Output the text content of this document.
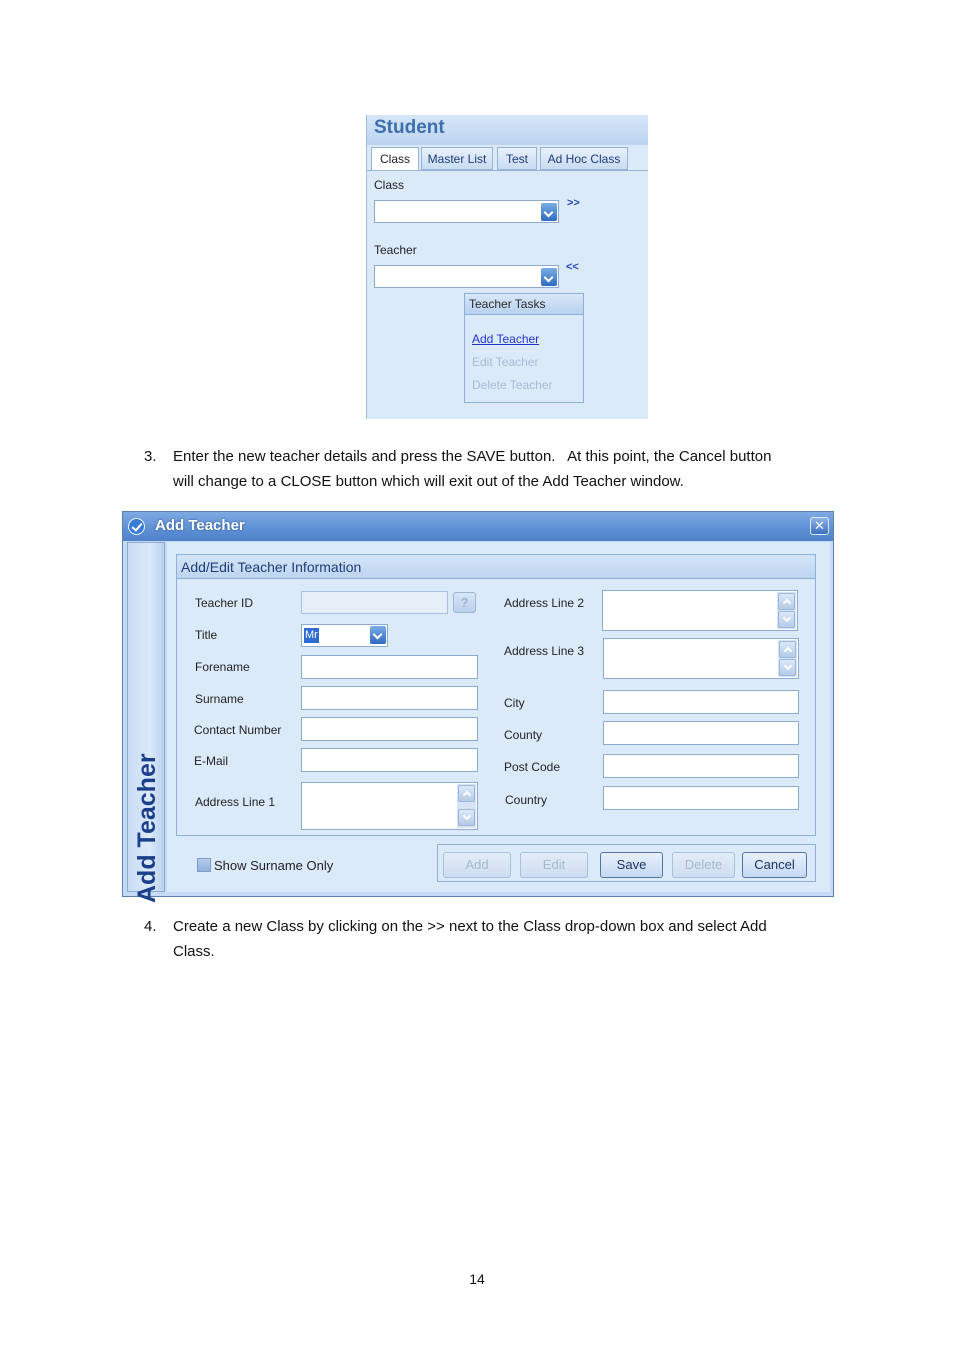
Student
Class	Master List	Test	Ad Hoc Class
Class
>>
Teacher
<<
Teacher Tasks
Add Teacher
Edit Teacher
Delete Teacher
3. Enter the new teacher details and press the SAVE button.   At this point, the Cancel button
will change to a CLOSE button which will exit out of the Add Teacher window.
Add Teacher	✕
Add Teacher
Add/Edit Teacher Information
Teacher ID	?
Title	Mr
Forename
Surname
Contact Number
E-Mail
Address Line 1
Address Line 2
Address Line 3
City
County
Post Code
Country
Show Surname Only	Add	Edit	Save	Delete	Cancel
4. Create a new Class by clicking on the >> next to the Class drop-down box and select Add
Class.
14
